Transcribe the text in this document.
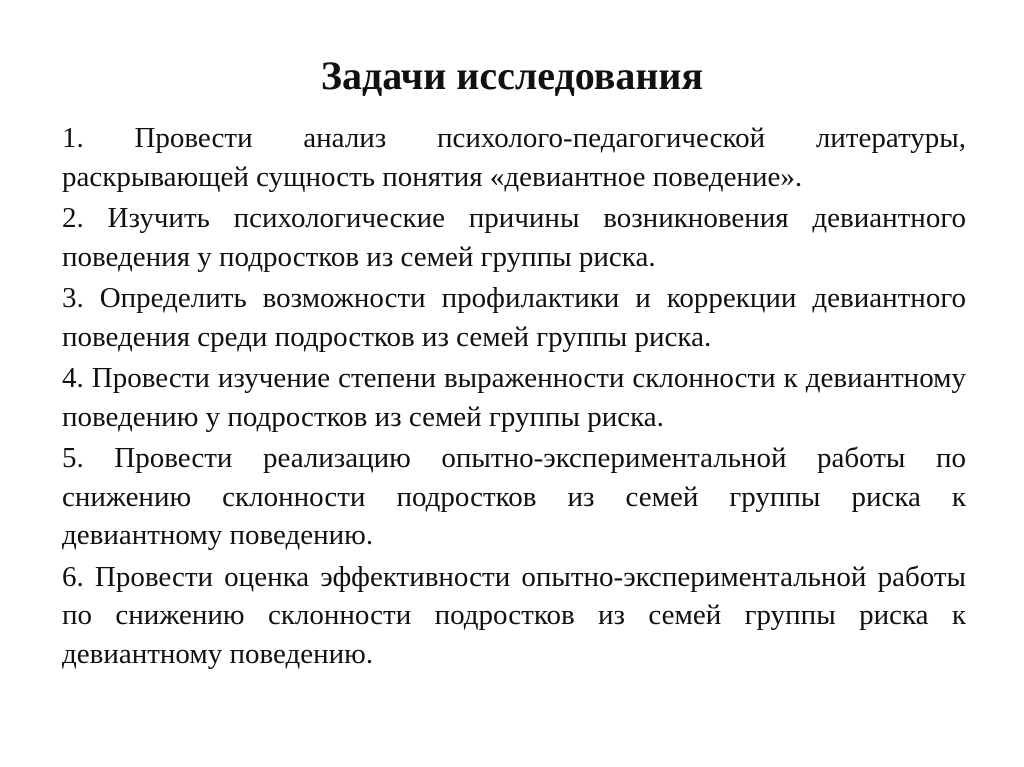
Задачи исследования
1. Провести анализ психолого-педагогической литературы, раскрывающей сущность понятия «девиантное поведение».
2. Изучить психологические причины возникновения девиантного поведения у подростков из семей группы риска.
3. Определить возможности профилактики и коррекции девиантного поведения среди подростков из семей группы риска.
4. Провести изучение степени выраженности склонности к девиантному поведению у подростков из семей группы риска.
5. Провести реализацию опытно-экспериментальной работы по снижению склонности подростков из семей группы риска к девиантному поведению.
6. Провести оценка эффективности опытно-экспериментальной работы по снижению склонности подростков из семей группы риска к девиантному поведению.
